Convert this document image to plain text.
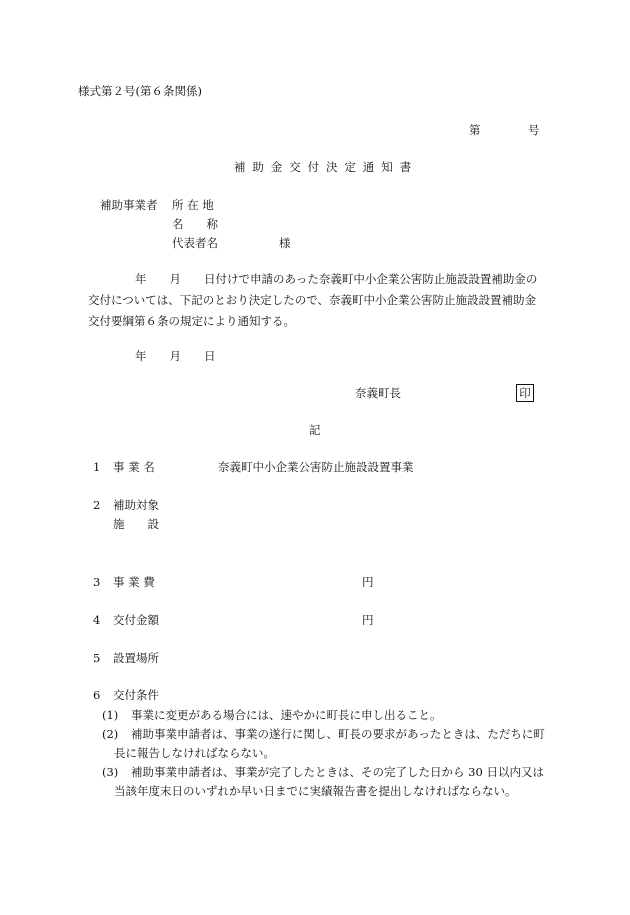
様式第２号(第６条関係)
第	号
補助金交付決定通知書
補助事業者 所 在 地
名　　称
代表者名	様
年　　月　　日付けで申請のあった奈義町中小企業公害防止施設設置補助金の
交付については、下記のとおり決定したので、奈義町中小企業公害防止施設設置補助金
交付要綱第６条の規定により通知する。
年　　月　　日
奈義町長	印
記
1 事 業 名	奈義町中小企業公害防止施設設置事業
2 補助対象
施　　設
3 事 業 費	円
4 交付金額	円
5 設置場所
6 交付条件
(1) 事業に変更がある場合には、速やかに町長に申し出ること。
(2) 補助事業申請者は、事業の遂行に関し、町長の要求があったときは、ただちに町
長に報告しなければならない。
(3) 補助事業申請者は、事業が完了したときは、その完了した日から 30 日以内又は
当該年度末日のいずれか早い日までに実績報告書を提出しなければならない。
